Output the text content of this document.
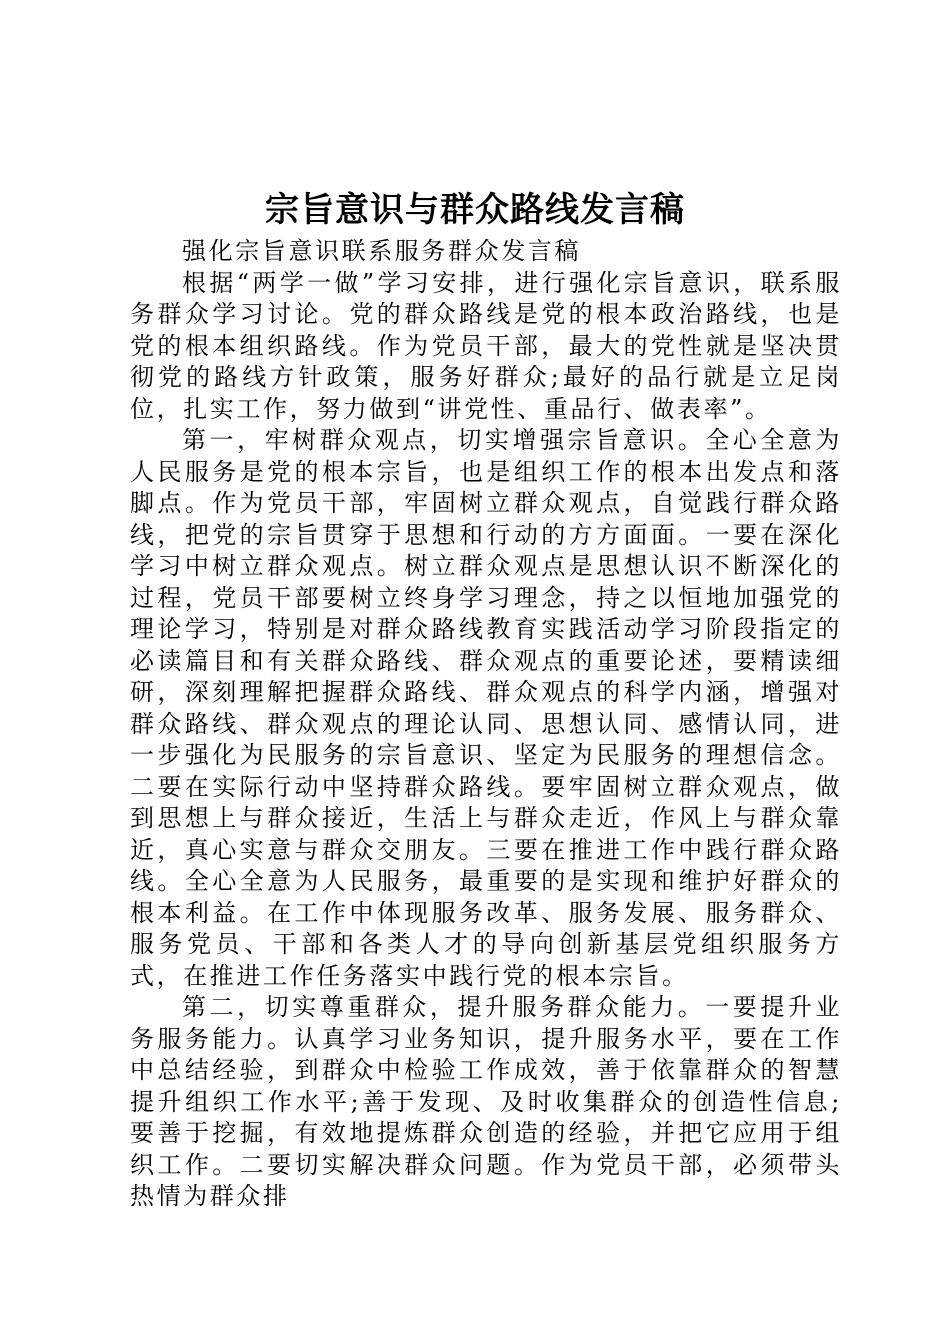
宗旨意识与群众路线发言稿

强化宗旨意识联系服务群众发言稿

根据“两学一做”学习安排，进行强化宗旨意识，联系服务群众学习讨论。党的群众路线是党的根本政治路线，也是党的根本组织路线。作为党员干部，最大的党性就是坚决贯彻党的路线方针政策，服务好群众;最好的品行就是立足岗位，扎实工作，努力做到“讲党性、重品行、做表率”。

第一，牢树群众观点，切实增强宗旨意识。全心全意为人民服务是党的根本宗旨，也是组织工作的根本出发点和落脚点。作为党员干部，牢固树立群众观点，自觉践行群众路线，把党的宗旨贯穿于思想和行动的方方面面。一要在深化学习中树立群众观点。树立群众观点是思想认识不断深化的过程，党员干部要树立终身学习理念，持之以恒地加强党的理论学习，特别是对群众路线教育实践活动学习阶段指定的必读篇目和有关群众路线、群众观点的重要论述，要精读细研，深刻理解把握群众路线、群众观点的科学内涵，增强对群众路线、群众观点的理论认同、思想认同、感情认同，进一步强化为民服务的宗旨意识、坚定为民服务的理想信念。二要在实际行动中坚持群众路线。要牢固树立群众观点，做到思想上与群众接近，生活上与群众走近，作风上与群众靠近，真心实意与群众交朋友。三要在推进工作中践行群众路线。全心全意为人民服务，最重要的是实现和维护好群众的根本利益。在工作中体现服务改革、服务发展、服务群众、服务党员、干部和各类人才的导向创新基层党组织服务方式，在推进工作任务落实中践行党的根本宗旨。

第二，切实尊重群众，提升服务群众能力。一要提升业务服务能力。认真学习业务知识，提升服务水平，要在工作中总结经验，到群众中检验工作成效，善于依靠群众的智慧提升组织工作水平;善于发现、及时收集群众的创造性信息;要善于挖掘，有效地提炼群众创造的经验，并把它应用于组织工作。二要切实解决群众问题。作为党员干部，必须带头热情为群众排
